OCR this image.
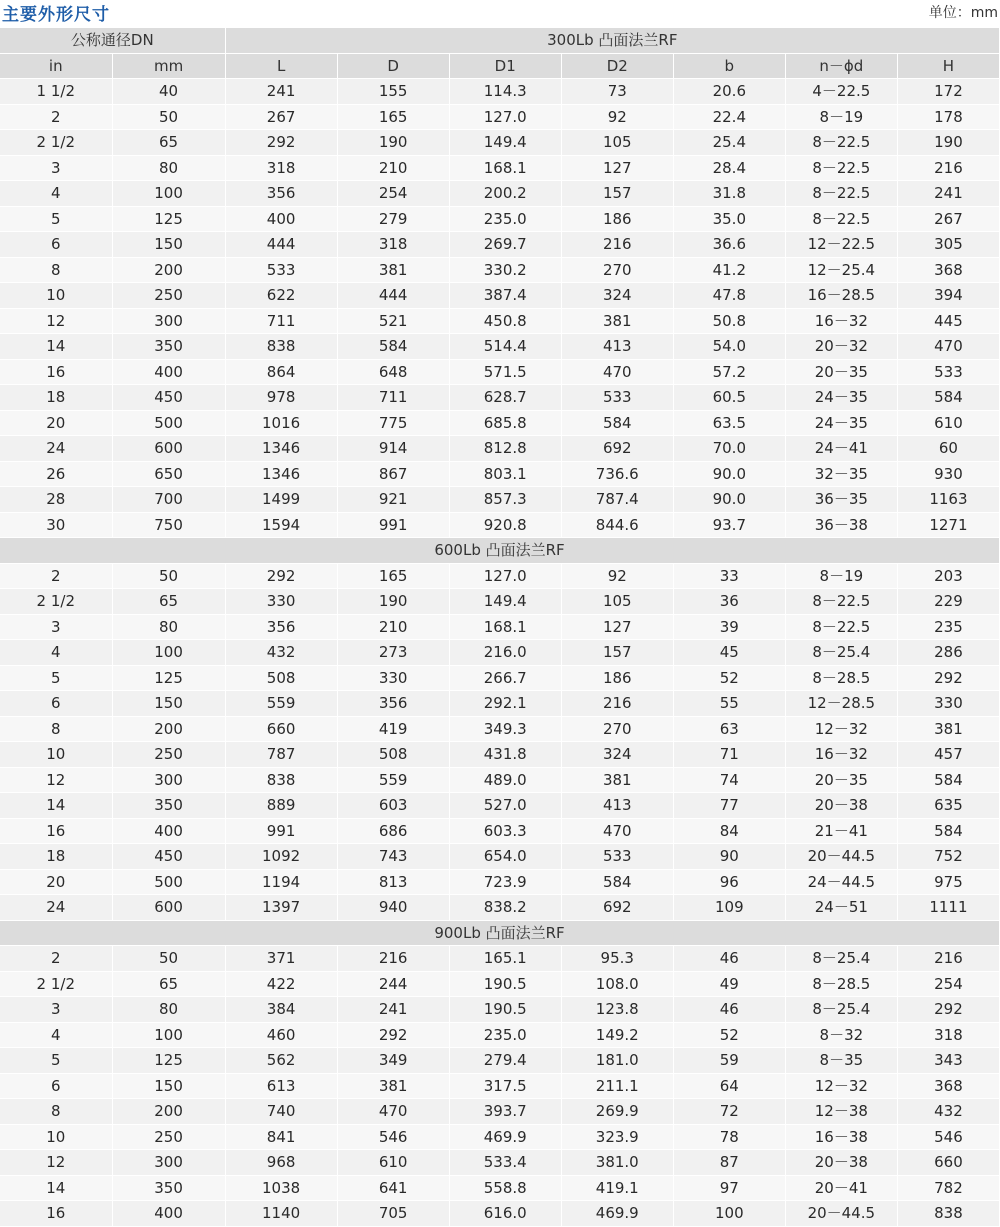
主要外形尺寸	单位：mm
公称通径DN		300Lb 凸面法兰RF						
in	mm	L	D	D1	D2	b	n－ϕd	H
1 1/2	40	241	155	114.3	73	20.6	4－22.5	172
2	50	267	165	127.0	92	22.4	8－19	178
2 1/2	65	292	190	149.4	105	25.4	8－22.5	190
3	80	318	210	168.1	127	28.4	8－22.5	216
4	100	356	254	200.2	157	31.8	8－22.5	241
5	125	400	279	235.0	186	35.0	8－22.5	267
6	150	444	318	269.7	216	36.6	12－22.5	305
8	200	533	381	330.2	270	41.2	12－25.4	368
10	250	622	444	387.4	324	47.8	16－28.5	394
12	300	711	521	450.8	381	50.8	16－32	445
14	350	838	584	514.4	413	54.0	20－32	470
16	400	864	648	571.5	470	57.2	20－35	533
18	450	978	711	628.7	533	60.5	24－35	584
20	500	1016	775	685.8	584	63.5	24－35	610
24	600	1346	914	812.8	692	70.0	24－41	60
26	650	1346	867	803.1	736.6	90.0	32－35	930
28	700	1499	921	857.3	787.4	90.0	36－35	1163
30	750	1594	991	920.8	844.6	93.7	36－38	1271
600Lb 凸面法兰RF								
2	50	292	165	127.0	92	33	8－19	203
2 1/2	65	330	190	149.4	105	36	8－22.5	229
3	80	356	210	168.1	127	39	8－22.5	235
4	100	432	273	216.0	157	45	8－25.4	286
5	125	508	330	266.7	186	52	8－28.5	292
6	150	559	356	292.1	216	55	12－28.5	330
8	200	660	419	349.3	270	63	12－32	381
10	250	787	508	431.8	324	71	16－32	457
12	300	838	559	489.0	381	74	20－35	584
14	350	889	603	527.0	413	77	20－38	635
16	400	991	686	603.3	470	84	21－41	584
18	450	1092	743	654.0	533	90	20－44.5	752
20	500	1194	813	723.9	584	96	24－44.5	975
24	600	1397	940	838.2	692	109	24－51	1111
900Lb 凸面法兰RF								
2	50	371	216	165.1	95.3	46	8－25.4	216
2 1/2	65	422	244	190.5	108.0	49	8－28.5	254
3	80	384	241	190.5	123.8	46	8－25.4	292
4	100	460	292	235.0	149.2	52	8－32	318
5	125	562	349	279.4	181.0	59	8－35	343
6	150	613	381	317.5	211.1	64	12－32	368
8	200	740	470	393.7	269.9	72	12－38	432
10	250	841	546	469.9	323.9	78	16－38	546
12	300	968	610	533.4	381.0	87	20－38	660
14	350	1038	641	558.8	419.1	97	20－41	782
16	400	1140	705	616.0	469.9	100	20－44.5	838
